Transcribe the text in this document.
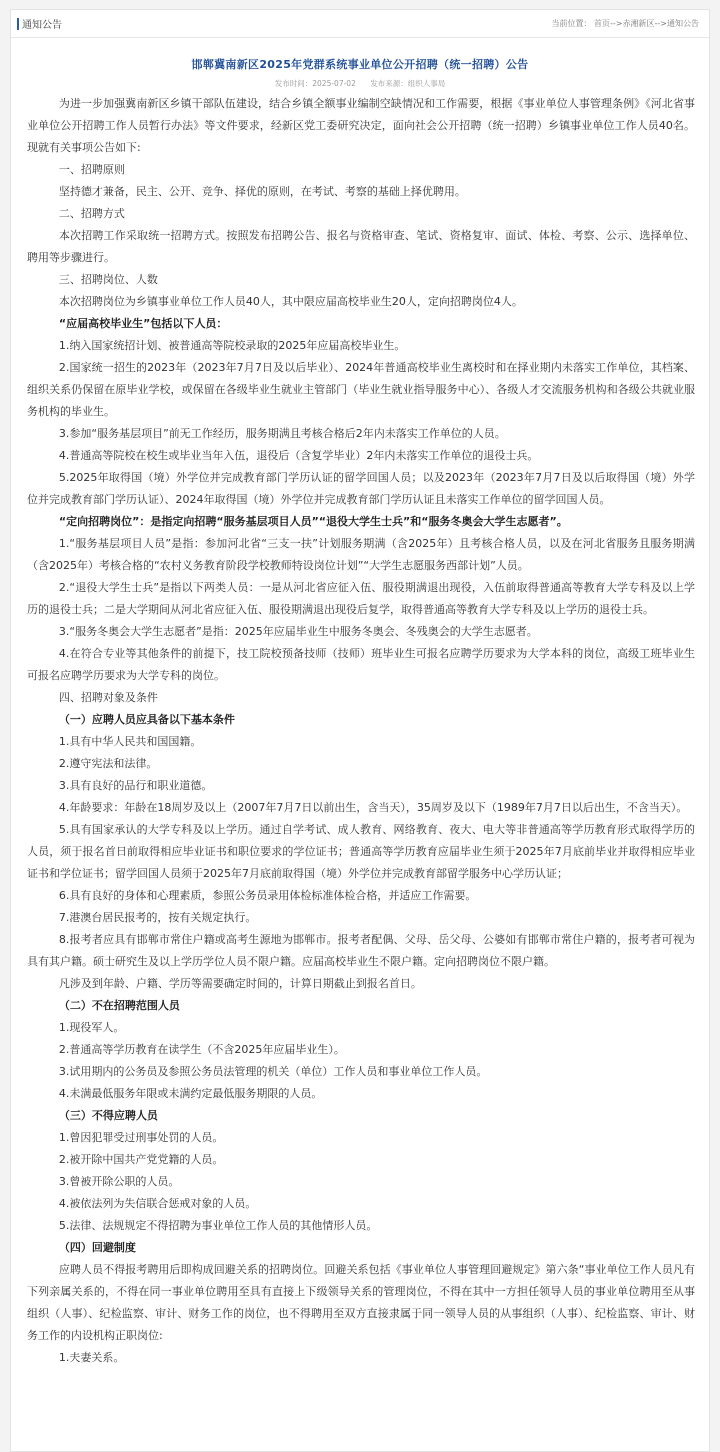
通知公告	当前位置： 首页-->赤湘新区-->通知公告
邯郸冀南新区2025年党群系统事业单位公开招聘（统一招聘）公告
发布时间：2025-07-02 发布来源：组织人事局

为进一步加强冀南新区乡镇干部队伍建设，结合乡镇全额事业编制空缺情况和工作需要，根据《事业单位人事管理条例》《河北省事业单位公开招聘工作人员暂行办法》等文件要求，经新区党工委研究决定，面向社会公开招聘（统一招聘）乡镇事业单位工作人员40名。现就有关事项公告如下:

一、招聘原则

坚持德才兼备，民主、公开、竞争、择优的原则，在考试、考察的基础上择优聘用。

二、招聘方式

本次招聘工作采取统一招聘方式。按照发布招聘公告、报名与资格审查、笔试、资格复审、面试、体检、考察、公示、选择单位、聘用等步骤进行。

三、招聘岗位、人数

本次招聘岗位为乡镇事业单位工作人员40人，其中限应届高校毕业生20人，定向招聘岗位4人。

“应届高校毕业生”包括以下人员：

1.纳入国家统招计划、被普通高等院校录取的2025年应届高校毕业生。

2.国家统一招生的2023年（2023年7月7日及以后毕业）、2024年普通高校毕业生离校时和在择业期内未落实工作单位，其档案、组织关系仍保留在原毕业学校，或保留在各级毕业生就业主管部门（毕业生就业指导服务中心）、各级人才交流服务机构和各级公共就业服务机构的毕业生。

3.参加“服务基层项目”前无工作经历，服务期满且考核合格后2年内未落实工作单位的人员。

4.普通高等院校在校生或毕业当年入伍，退役后（含复学毕业）2年内未落实工作单位的退役士兵。

5.2025年取得国（境）外学位并完成教育部门学历认证的留学回国人员；以及2023年（2023年7月7日及以后取得国（境）外学位并完成教育部门学历认证）、2024年取得国（境）外学位并完成教育部门学历认证且未落实工作单位的留学回国人员。

“定向招聘岗位”：是指定向招聘“服务基层项目人员”“退役大学生士兵”和“服务冬奥会大学生志愿者”。

1.“服务基层项目人员”是指：参加河北省“三支一扶”计划服务期满（含2025年）且考核合格人员，以及在河北省服务且服务期满（含2025年）考核合格的“农村义务教育阶段学校教师特设岗位计划”“大学生志愿服务西部计划”人员。

2.“退役大学生士兵”是指以下两类人员：一是从河北省应征入伍、服役期满退出现役，入伍前取得普通高等教育大学专科及以上学历的退役士兵；二是大学期间从河北省应征入伍、服役期满退出现役后复学，取得普通高等教育大学专科及以上学历的退役士兵。

3.“服务冬奥会大学生志愿者”是指：2025年应届毕业生中服务冬奥会、冬残奥会的大学生志愿者。

4.在符合专业等其他条件的前提下，技工院校预备技师（技师）班毕业生可报名应聘学历要求为大学本科的岗位，高级工班毕业生可报名应聘学历要求为大学专科的岗位。

四、招聘对象及条件

（一）应聘人员应具备以下基本条件

1.具有中华人民共和国国籍。

2.遵守宪法和法律。

3.具有良好的品行和职业道德。

4.年龄要求：年龄在18周岁及以上（2007年7月7日以前出生，含当天），35周岁及以下（1989年7月7日以后出生，不含当天）。

5.具有国家承认的大学专科及以上学历。通过自学考试、成人教育、网络教育、夜大、电大等非普通高等学历教育形式取得学历的人员，须于报名首日前取得相应毕业证书和职位要求的学位证书；普通高等学历教育应届毕业生须于2025年7月底前毕业并取得相应毕业证书和学位证书；留学回国人员须于2025年7月底前取得国（境）外学位并完成教育部留学服务中心学历认证；

6.具有良好的身体和心理素质，参照公务员录用体检标准体检合格，并适应工作需要。

7.港澳台居民报考的，按有关规定执行。

8.报考者应具有邯郸市常住户籍或高考生源地为邯郸市。报考者配偶、父母、岳父母、公婆如有邯郸市常住户籍的，报考者可视为具有其户籍。硕士研究生及以上学历学位人员不限户籍。应届高校毕业生不限户籍。定向招聘岗位不限户籍。

凡涉及到年龄、户籍、学历等需要确定时间的，计算日期截止到报名首日。

（二）不在招聘范围人员

1.现役军人。

2.普通高等学历教育在读学生（不含2025年应届毕业生）。

3.试用期内的公务员及参照公务员法管理的机关（单位）工作人员和事业单位工作人员。

4.未满最低服务年限或未满约定最低服务期限的人员。

（三）不得应聘人员

1.曾因犯罪受过刑事处罚的人员。

2.被开除中国共产党党籍的人员。

3.曾被开除公职的人员。

4.被依法列为失信联合惩戒对象的人员。

5.法律、法规规定不得招聘为事业单位工作人员的其他情形人员。

（四）回避制度

应聘人员不得报考聘用后即构成回避关系的招聘岗位。回避关系包括《事业单位人事管理回避规定》第六条“事业单位工作人员凡有下列亲属关系的，不得在同一事业单位聘用至具有直接上下级领导关系的管理岗位，不得在其中一方担任领导人员的事业单位聘用至从事组织（人事）、纪检监察、审计、财务工作的岗位，也不得聘用至双方直接隶属于同一领导人员的从事组织（人事）、纪检监察、审计、财务工作的内设机构正职岗位:

1.夫妻关系。
